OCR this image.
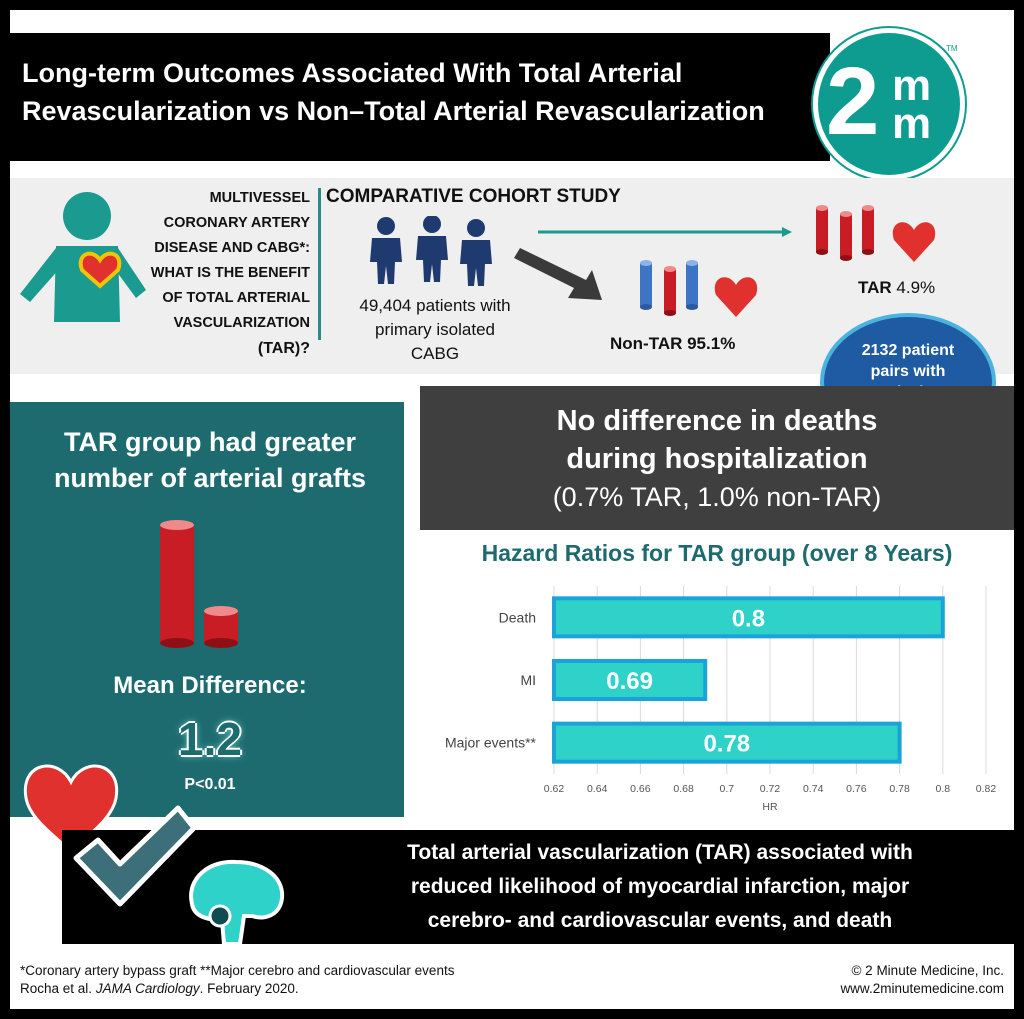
Long-term Outcomes Associated With Total Arterial
Revascularization vs Non–Total Arterial Revascularization 2 m
m
TM
MULTIVESSEL
CORONARY ARTERY
DISEASE AND CABG*:
WHAT IS THE BENEFIT
OF TOTAL ARTERIAL
VASCULARIZATION
(TAR)?
COMPARATIVE COHORT STUDY
49,404 patients with
primary isolated
CABG
Non-TAR 95.1%
TAR 4.9%
2132 patient
pairs with
TAR group had greater
number of arterial grafts
Mean Difference:
1.2
P<0.01
No difference in deaths
during hospitalization
(0.7% TAR, 1.0% non-TAR)
Hazard Ratios for TAR group (over 8 Years)
0.62 0.64 0.66 0.68 0.7 0.72 0.74 0.76 0.78 0.8 0.82
HR
Death	0.8
MI	0.69
Major events**	0.78
Total arterial vascularization (TAR) associated with
reduced likelihood of myocardial infarction, major
cerebro- and cardiovascular events, and death
*Coronary artery bypass graft **Major cerebro and cardiovascular events
Rocha et al. JAMA Cardiology. February 2020.
© 2 Minute Medicine, Inc.
www.2minutemedicine.com
